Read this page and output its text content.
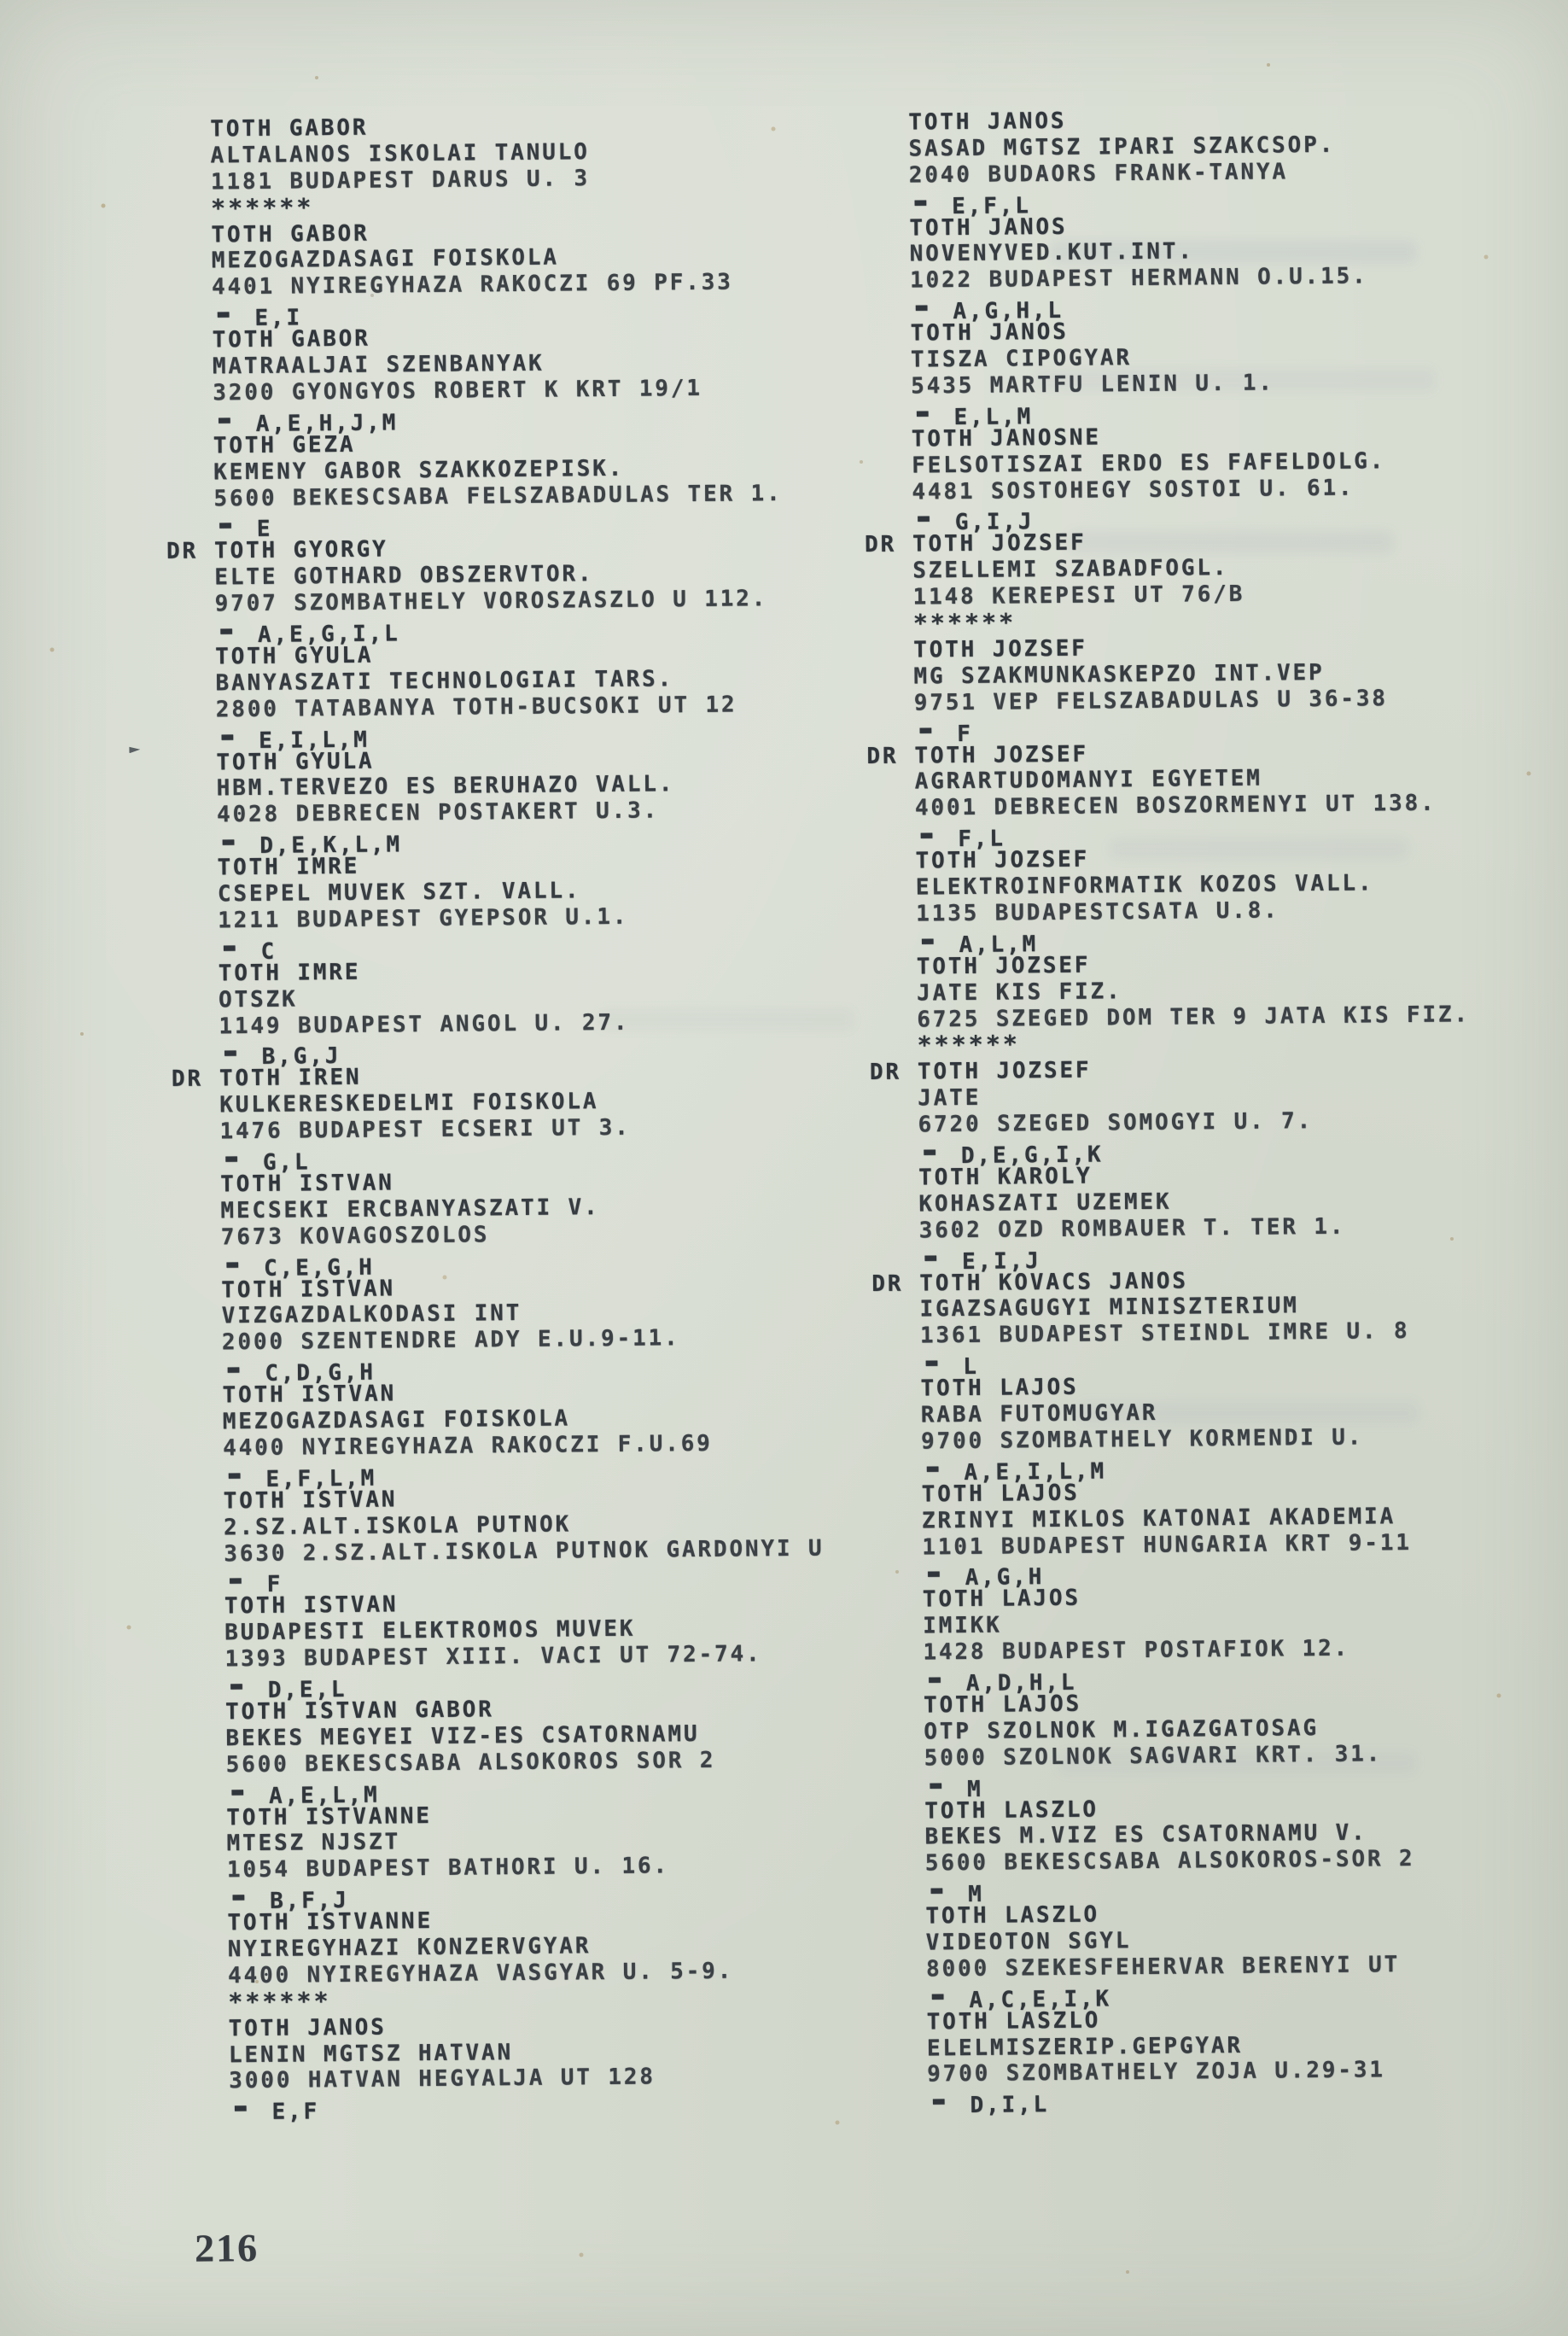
TOTH GABOR
ALTALANOS ISKOLAI TANULO
1181 BUDAPEST DARUS U. 3
******
TOTH GABOR
MEZOGAZDASAGI FOISKOLA
4401 NYIREGYHAZA RAKOCZI 69 PF.33
- E,I
TOTH GABOR
MATRAALJAI SZENBANYAK
3200 GYONGYOS ROBERT K KRT 19/1
- A,E,H,J,M
TOTH GEZA
KEMENY GABOR SZAKKOZEPISK.
5600 BEKESCSABA FELSZABADULAS TER 1.
- E
DR TOTH GYORGY
ELTE GOTHARD OBSZERVTOR.
9707 SZOMBATHELY VOROSZASZLO U 112.
- A,E,G,I,L
TOTH GYULA
BANYASZATI TECHNOLOGIAI TARS.
2800 TATABANYA TOTH-BUCSOKI UT 12
- E,I,L,M
TOTH GYULA
HBM.TERVEZO ES BERUHAZO VALL.
4028 DEBRECEN POSTAKERT U.3.
- D,E,K,L,M
TOTH IMRE
CSEPEL MUVEK SZT. VALL.
1211 BUDAPEST GYEPSOR U.1.
- C
TOTH IMRE
OTSZK
1149 BUDAPEST ANGOL U. 27.
- B,G,J
DR TOTH IREN
KULKERESKEDELMI FOISKOLA
1476 BUDAPEST ECSERI UT 3.
- G,L
TOTH ISTVAN
MECSEKI ERCBANYASZATI V.
7673 KOVAGOSZOLOS
- C,E,G,H
TOTH ISTVAN
VIZGAZDALKODASI INT
2000 SZENTENDRE ADY E.U.9-11.
- C,D,G,H
TOTH ISTVAN
MEZOGAZDASAGI FOISKOLA
4400 NYIREGYHAZA RAKOCZI F.U.69
- E,F,L,M
TOTH ISTVAN
2.SZ.ALT.ISKOLA PUTNOK
3630 2.SZ.ALT.ISKOLA PUTNOK GARDONYI U
- F
TOTH ISTVAN
BUDAPESTI ELEKTROMOS MUVEK
1393 BUDAPEST XIII. VACI UT 72-74.
- D,E,L
TOTH ISTVAN GABOR
BEKES MEGYEI VIZ-ES CSATORNAMU
5600 BEKESCSABA ALSOKOROS SOR 2
- A,E,L,M
TOTH ISTVANNE
MTESZ NJSZT
1054 BUDAPEST BATHORI U. 16.
- B,F,J
TOTH ISTVANNE
NYIREGYHAZI KONZERVGYAR
4400 NYIREGYHAZA VASGYAR U. 5-9.
******
TOTH JANOS
LENIN MGTSZ HATVAN
3000 HATVAN HEGYALJA UT 128
- E,F
TOTH JANOS
SASAD MGTSZ IPARI SZAKCSOP.
2040 BUDAORS FRANK-TANYA
- E,F,L
TOTH JANOS
NOVENYVED.KUT.INT.
1022 BUDAPEST HERMANN O.U.15.
- A,G,H,L
TOTH JANOS
TISZA CIPOGYAR
5435 MARTFU LENIN U. 1.
- E,L,M
TOTH JANOSNE
FELSOTISZAI ERDO ES FAFELDOLG.
4481 SOSTOHEGY SOSTOI U. 61.
- G,I,J
DR TOTH JOZSEF
SZELLEMI SZABADFOGL.
1148 KEREPESI UT 76/B
******
TOTH JOZSEF
MG SZAKMUNKASKEPZO INT.VEP
9751 VEP FELSZABADULAS U 36-38
- F
DR TOTH JOZSEF
AGRARTUDOMANYI EGYETEM
4001 DEBRECEN BOSZORMENYI UT 138.
- F,L
TOTH JOZSEF
ELEKTROINFORMATIK KOZOS VALL.
1135 BUDAPESTCSATA U.8.
- A,L,M
TOTH JOZSEF
JATE KIS FIZ.
6725 SZEGED DOM TER 9 JATA KIS FIZ.
******
DR TOTH JOZSEF
JATE
6720 SZEGED SOMOGYI U. 7.
- D,E,G,I,K
TOTH KAROLY
KOHASZATI UZEMEK
3602 OZD ROMBAUER T. TER 1.
- E,I,J
DR TOTH KOVACS JANOS
IGAZSAGUGYI MINISZTERIUM
1361 BUDAPEST STEINDL IMRE U. 8
- L
TOTH LAJOS
RABA FUTOMUGYAR
9700 SZOMBATHELY KORMENDI U.
- A,E,I,L,M
TOTH LAJOS
ZRINYI MIKLOS KATONAI AKADEMIA
1101 BUDAPEST HUNGARIA KRT 9-11
- A,G,H
TOTH LAJOS
IMIKK
1428 BUDAPEST POSTAFIOK 12.
- A,D,H,L
TOTH LAJOS
OTP SZOLNOK M.IGAZGATOSAG
5000 SZOLNOK SAGVARI KRT. 31.
- M
TOTH LASZLO
BEKES M.VIZ ES CSATORNAMU V.
5600 BEKESCSABA ALSOKOROS-SOR 2
- M
TOTH LASZLO
VIDEOTON SGYL
8000 SZEKESFEHERVAR BERENYI UT
- A,C,E,I,K
TOTH LASZLO
ELELMISZERIP.GEPGYAR
9700 SZOMBATHELY ZOJA U.29-31
- D,I,L
216
